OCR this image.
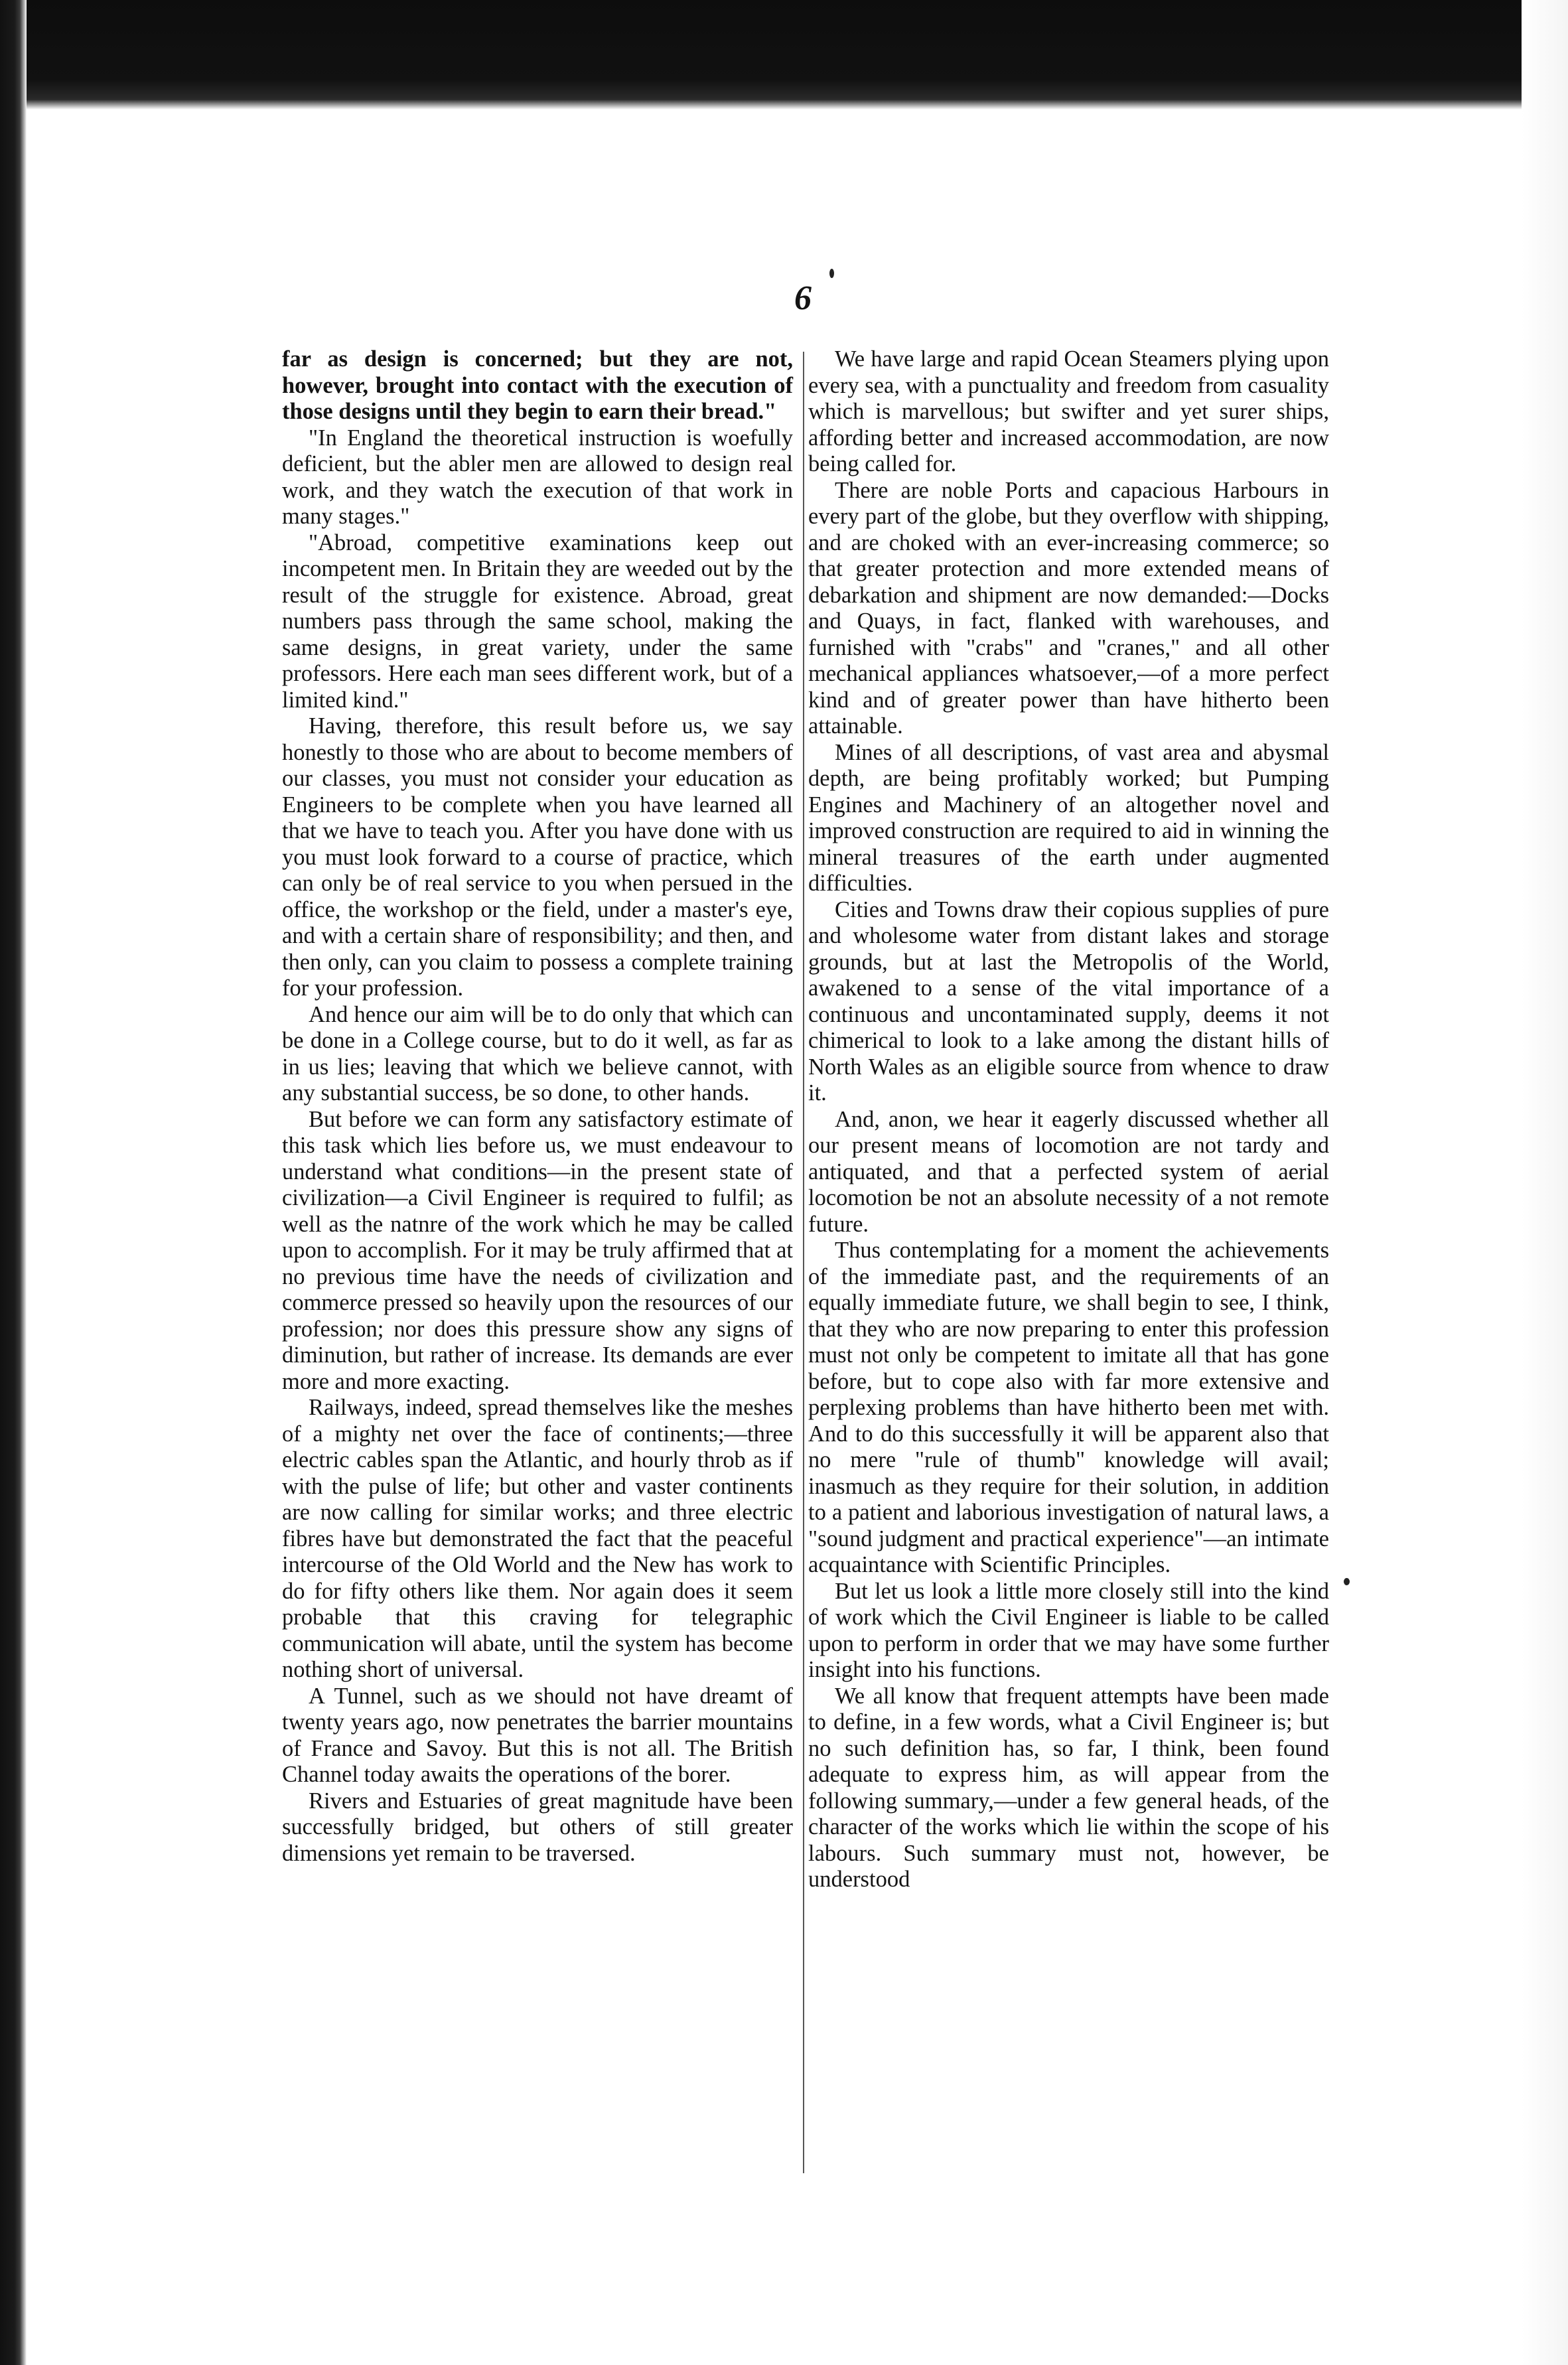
6

far as design is concerned; but they are not, however, brought into contact with the execution of those designs until they begin to earn their bread."

"In England the theoretical instruction is woefully deficient, but the abler men are allowed to design real work, and they watch the execution of that work in many stages."

"Abroad, competitive examinations keep out incompetent men. In Britain they are weeded out by the result of the struggle for existence. Abroad, great numbers pass through the same school, making the same designs, in great variety, under the same professors. Here each man sees different work, but of a limited kind."

Having, therefore, this result before us, we say honestly to those who are about to become members of our classes, you must not consider your education as Engineers to be complete when you have learned all that we have to teach you. After you have done with us you must look forward to a course of practice, which can only be of real service to you when persued in the office, the workshop or the field, under a master's eye, and with a certain share of responsibility; and then, and then only, can you claim to possess a complete training for your profession.

And hence our aim will be to do only that which can be done in a College course, but to do it well, as far as in us lies; leaving that which we believe cannot, with any substantial success, be so done, to other hands.

But before we can form any satisfactory estimate of this task which lies before us, we must endeavour to understand what conditions—in the present state of civilization—a Civil Engineer is required to fulfil; as well as the natnre of the work which he may be called upon to accomplish. For it may be truly affirmed that at no previous time have the needs of civilization and commerce pressed so heavily upon the resources of our profession; nor does this pressure show any signs of diminution, but rather of increase. Its demands are ever more and more exacting.

Railways, indeed, spread themselves like the meshes of a mighty net over the face of continents;—three electric cables span the Atlantic, and hourly throb as if with the pulse of life; but other and vaster continents are now calling for similar works; and three electric fibres have but demonstrated the fact that the peaceful intercourse of the Old World and the New has work to do for fifty others like them. Nor again does it seem probable that this craving for telegraphic communication will abate, until the system has become nothing short of universal.

A Tunnel, such as we should not have dreamt of twenty years ago, now penetrates the barrier mountains of France and Savoy. But this is not all. The British Channel today awaits the operations of the borer.

Rivers and Estuaries of great magnitude have been successfully bridged, but others of still greater dimensions yet remain to be traversed.

We have large and rapid Ocean Steamers plying upon every sea, with a punctuality and freedom from casuality which is marvellous; but swifter and yet surer ships, affording better and increased accommodation, are now being called for.

There are noble Ports and capacious Harbours in every part of the globe, but they overflow with shipping, and are choked with an ever-increasing commerce; so that greater protection and more extended means of debarkation and shipment are now demanded:—Docks and Quays, in fact, flanked with warehouses, and furnished with "crabs" and "cranes," and all other mechanical appliances whatsoever,—of a more perfect kind and of greater power than have hitherto been attainable.

Mines of all descriptions, of vast area and abysmal depth, are being profitably worked; but Pumping Engines and Machinery of an altogether novel and improved construction are required to aid in winning the mineral treasures of the earth under augmented difficulties.

Cities and Towns draw their copious supplies of pure and wholesome water from distant lakes and storage grounds, but at last the Metropolis of the World, awakened to a sense of the vital importance of a continuous and uncontaminated supply, deems it not chimerical to look to a lake among the distant hills of North Wales as an eligible source from whence to draw it.

And, anon, we hear it eagerly discussed whether all our present means of locomotion are not tardy and antiquated, and that a perfected system of aerial locomotion be not an absolute necessity of a not remote future.

Thus contemplating for a moment the achievements of the immediate past, and the requirements of an equally immediate future, we shall begin to see, I think, that they who are now preparing to enter this profession must not only be competent to imitate all that has gone before, but to cope also with far more extensive and perplexing problems than have hitherto been met with. And to do this successfully it will be apparent also that no mere "rule of thumb" knowledge will avail; inasmuch as they require for their solution, in addition to a patient and laborious investigation of natural laws, a "sound judgment and practical experience"—an intimate acquaintance with Scientific Principles.

But let us look a little more closely still into the kind of work which the Civil Engineer is liable to be called upon to perform in order that we may have some further insight into his functions.

We all know that frequent attempts have been made to define, in a few words, what a Civil Engineer is; but no such definition has, so far, I think, been found adequate to express him, as will appear from the following summary,—under a few general heads, of the character of the works which lie within the scope of his labours. Such summary must not, however, be understood
